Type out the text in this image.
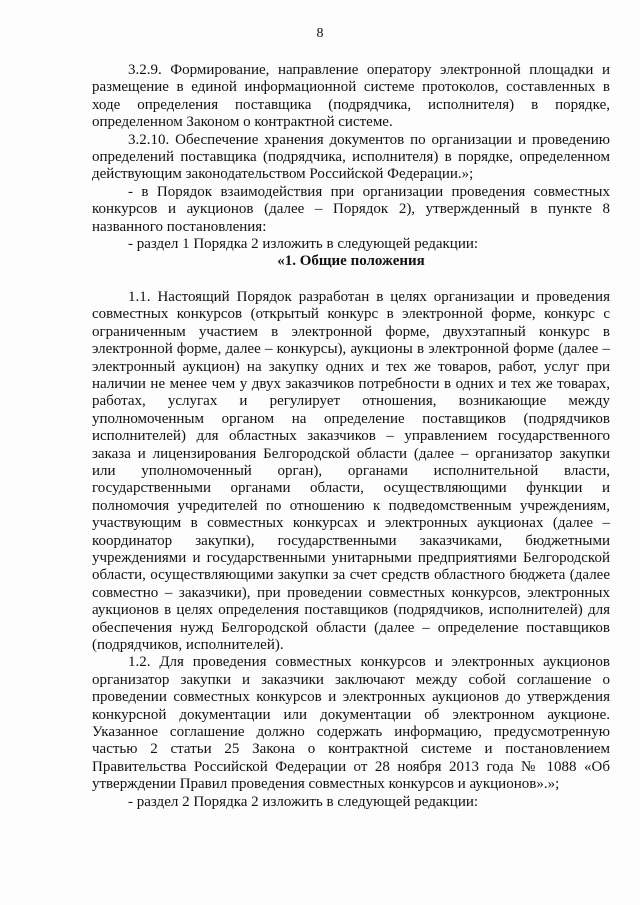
8

3.2.9. Формирование, направление оператору электронной площадки и размещение в единой информационной системе протоколов, составленных в ходе определения поставщика (подрядчика, исполнителя) в порядке, определенном Законом о контрактной системе.

3.2.10. Обеспечение хранения документов по организации и проведению определений поставщика (подрядчика, исполнителя) в порядке, определенном действующим законодательством Российской Федерации.»;

- в Порядок взаимодействия при организации проведения совместных конкурсов и аукционов (далее – Порядок 2), утвержденный в пункте 8 названного постановления:

- раздел 1 Порядка 2 изложить в следующей редакции:

«1. Общие положения

1.1. Настоящий Порядок разработан в целях организации и проведения совместных конкурсов (открытый конкурс в электронной форме, конкурс с ограниченным участием в электронной форме, двухэтапный конкурс в электронной форме, далее – конкурсы), аукционы в электронной форме (далее – электронный аукцион) на закупку одних и тех же товаров, работ, услуг при наличии не менее чем у двух заказчиков потребности в одних и тех же товарах, работах, услугах и регулирует отношения, возникающие между уполномоченным органом на определение поставщиков (подрядчиков исполнителей) для областных заказчиков – управлением государственного заказа и лицензирования Белгородской области (далее – организатор закупки или уполномоченный орган), органами исполнительной власти, государственными органами области, осуществляющими функции и полномочия учредителей по отношению к подведомственным учреждениям, участвующим в совместных конкурсах и электронных аукционах (далее – координатор закупки), государственными заказчиками, бюджетными учреждениями и государственными унитарными предприятиями Белгородской области, осуществляющими закупки за счет средств областного бюджета (далее совместно – заказчики), при проведении совместных конкурсов, электронных аукционов в целях определения поставщиков (подрядчиков, исполнителей) для обеспечения нужд Белгородской области (далее – определение поставщиков (подрядчиков, исполнителей).

1.2. Для проведения совместных конкурсов и электронных аукционов организатор закупки и заказчики заключают между собой соглашение о проведении совместных конкурсов и электронных аукционов до утверждения конкурсной документации или документации об электронном аукционе. Указанное соглашение должно содержать информацию, предусмотренную частью 2 статьи 25 Закона о контрактной системе и постановлением Правительства Российской Федерации от 28 ноября 2013 года № 1088 «Об утверждении Правил проведения совместных конкурсов и аукционов».»;

- раздел 2 Порядка 2 изложить в следующей редакции:
